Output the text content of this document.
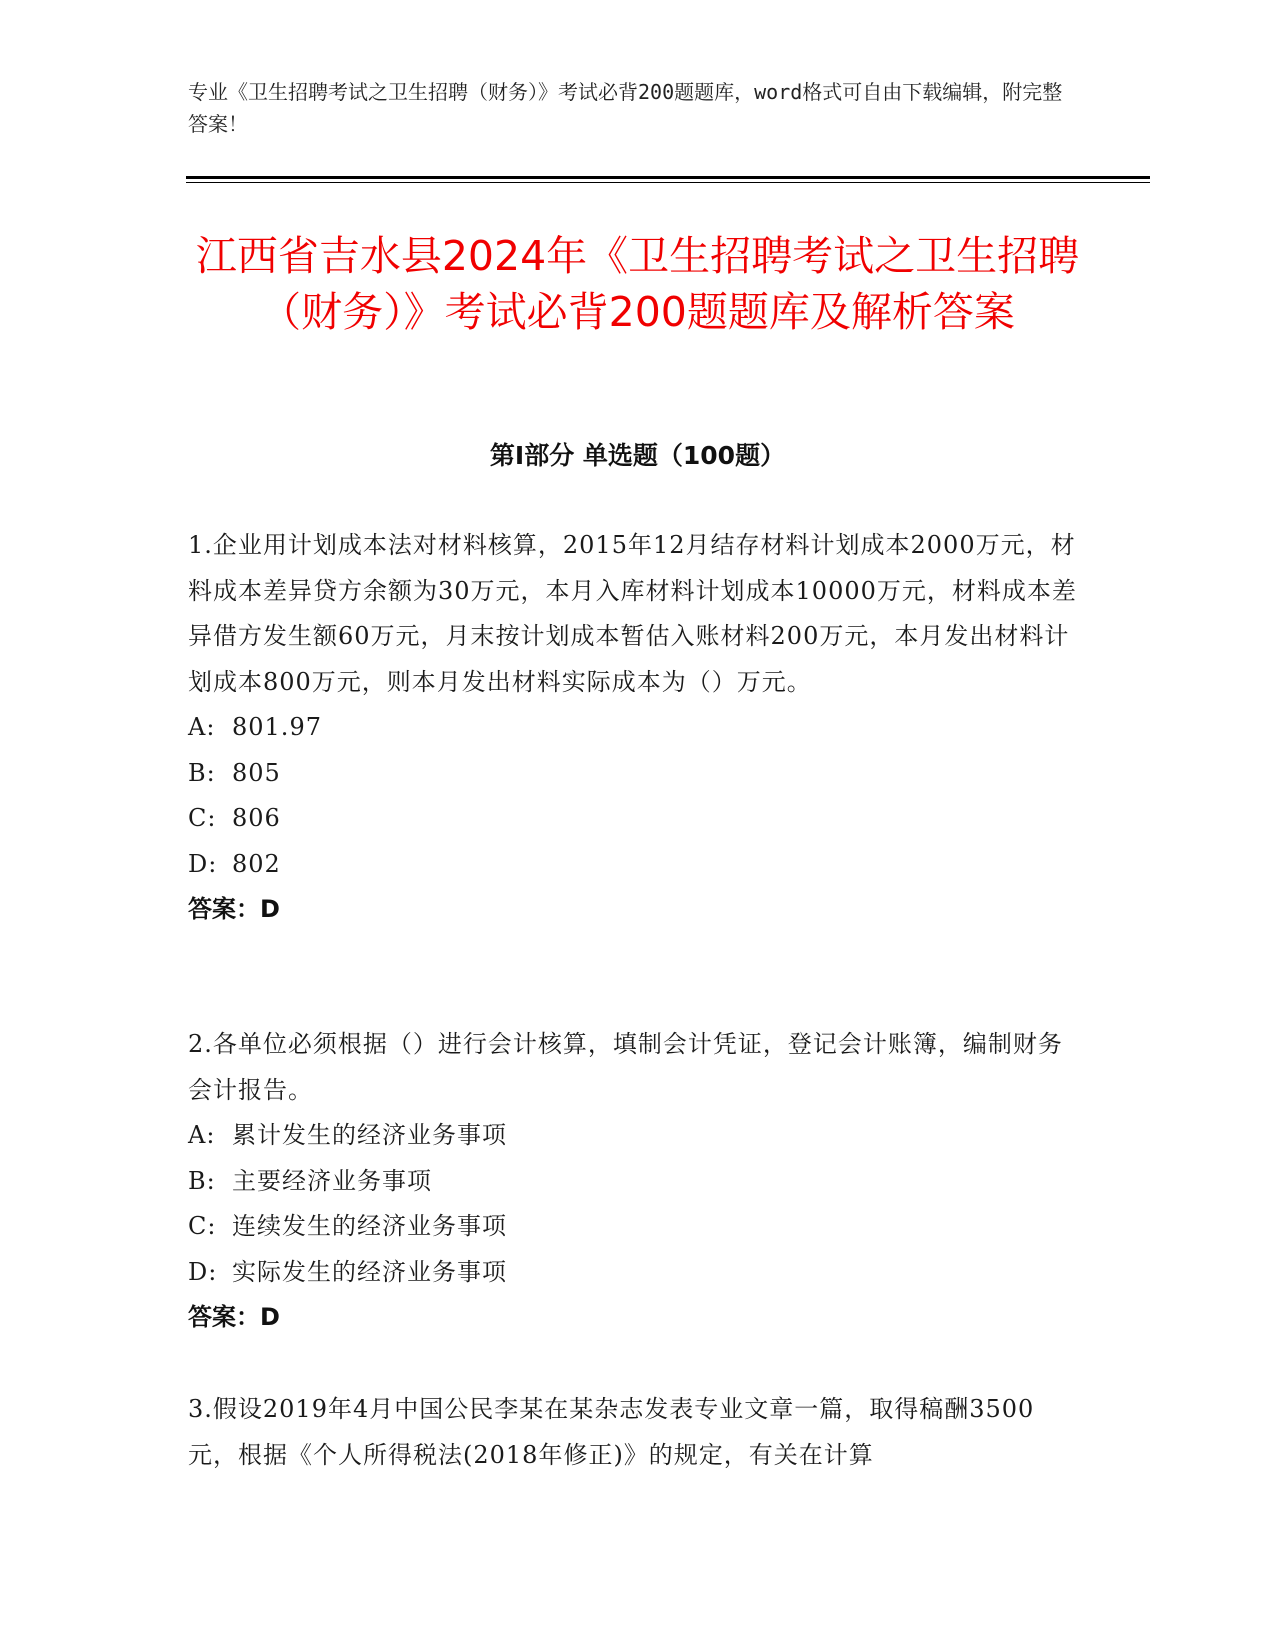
专业《卫生招聘考试之卫生招聘（财务）》考试必背200题题库，word格式可自由下载编辑，附完整答案！
江西省吉水县2024年《卫生招聘考试之卫生招聘（财务）》考试必背200题题库及解析答案
第Ⅰ部分 单选题（100题）

1.企业用计划成本法对材料核算，2015年12月结存材料计划成本2000万元，材料成本差异贷方余额为30万元，本月入库材料计划成本10000万元，材料成本差异借方发生额60万元，月末按计划成本暂估入账材料200万元，本月发出材料计划成本800万元，则本月发出材料实际成本为（）万元。

A: 801.97

B: 805

C: 806

D: 802

答案：D

2.各单位必须根据（）进行会计核算，填制会计凭证，登记会计账簿，编制财务会计报告。

A: 累计发生的经济业务事项

B: 主要经济业务事项

C: 连续发生的经济业务事项

D: 实际发生的经济业务事项

答案：D

3.假设2019年4月中国公民李某在某杂志发表专业文章一篇，取得稿酬3500元，根据《个人所得税法(2018年修正)》的规定，有关在计算
